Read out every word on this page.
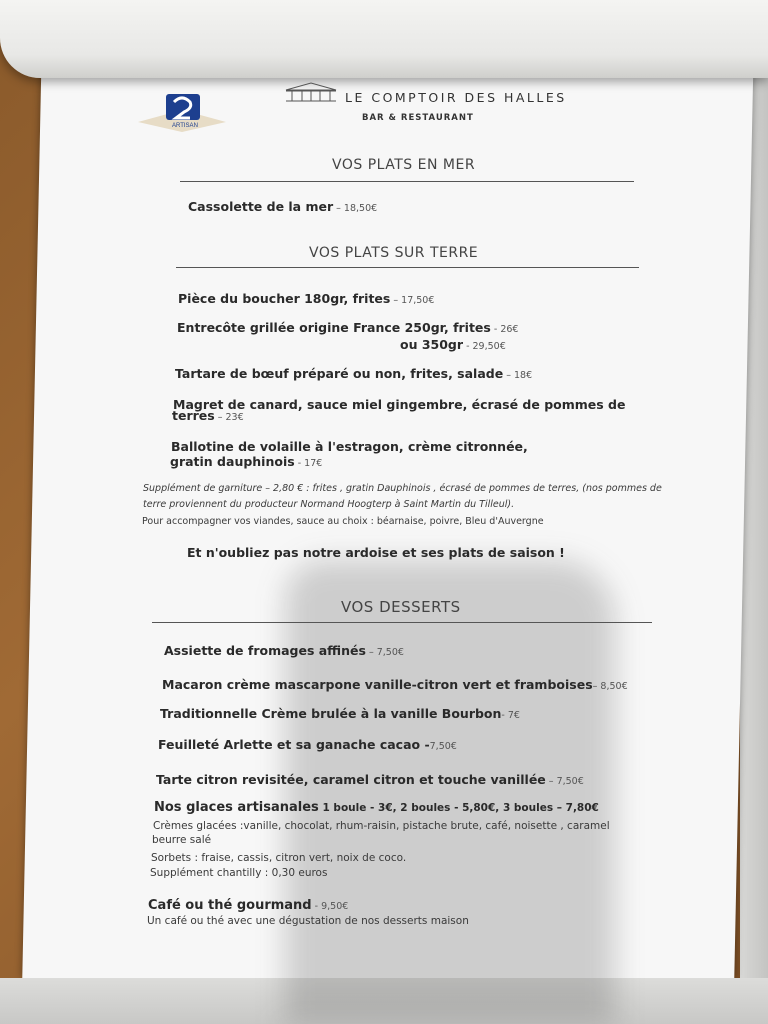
ARTISAN
LE COMPTOIR DES HALLES
BAR & RESTAURANT
VOS PLATS EN MER
Cassolette de la mer – 18,50€
VOS PLATS SUR TERRE
Pièce du boucher 180gr, frites – 17,50€
Entrecôte grillée origine France 250gr, frites - 26€
ou 350gr - 29,50€
Tartare de bœuf préparé ou non, frites, salade – 18€
Magret de canard, sauce miel gingembre, écrasé de pommes de
terres – 23€
Ballotine de volaille à l'estragon, crème citronnée,
gratin dauphinois - 17€
Supplément de garniture – 2,80 € : frites , gratin Dauphinois , écrasé de pommes de terres, (nos pommes de
terre proviennent du producteur Normand Hoogterp à Saint Martin du Tilleul).
Pour accompagner vos viandes, sauce au choix : béarnaise, poivre, Bleu d'Auvergne
Et n'oubliez pas notre ardoise et ses plats de saison !
VOS DESSERTS
Assiette de fromages affinés – 7,50€
Macaron crème mascarpone vanille-citron vert et framboises– 8,50€
Traditionnelle Crème brulée à la vanille Bourbon- 7€
Feuilleté Arlette et sa ganache cacao -7,50€
Tarte citron revisitée, caramel citron et touche vanillée – 7,50€
Nos glaces artisanales 1 boule - 3€, 2 boules - 5,80€, 3 boules – 7,80€
Crèmes glacées :vanille, chocolat, rhum-raisin, pistache brute, café, noisette , caramel
beurre salé
Sorbets : fraise, cassis, citron vert, noix de coco.
Supplément chantilly : 0,30 euros
Café ou thé gourmand - 9,50€
Un café ou thé avec une dégustation de nos desserts maison
